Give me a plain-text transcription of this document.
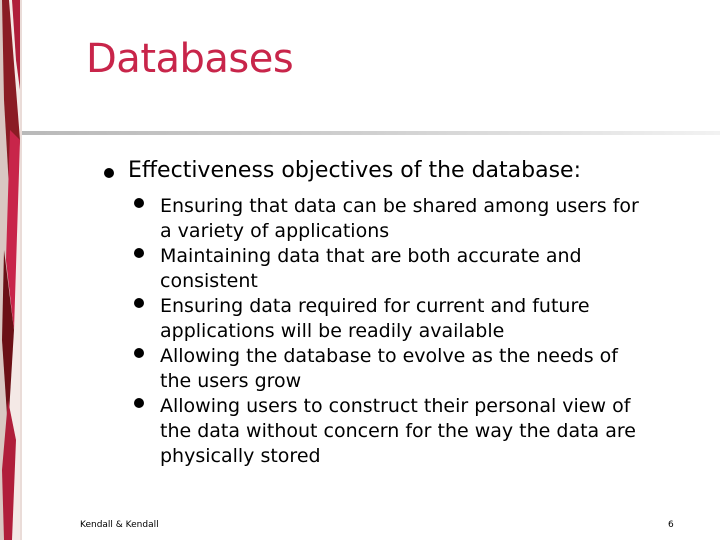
Databases
Effectiveness objectives of the database:
Ensuring that data can be shared among users for
a variety of applications
Maintaining data that are both accurate and
consistent
Ensuring data required for current and future
applications will be readily available
Allowing the database to evolve as the needs of
the users grow
Allowing users to construct their personal view of
the data without concern for the way the data are
physically stored
Kendall & Kendall	6
